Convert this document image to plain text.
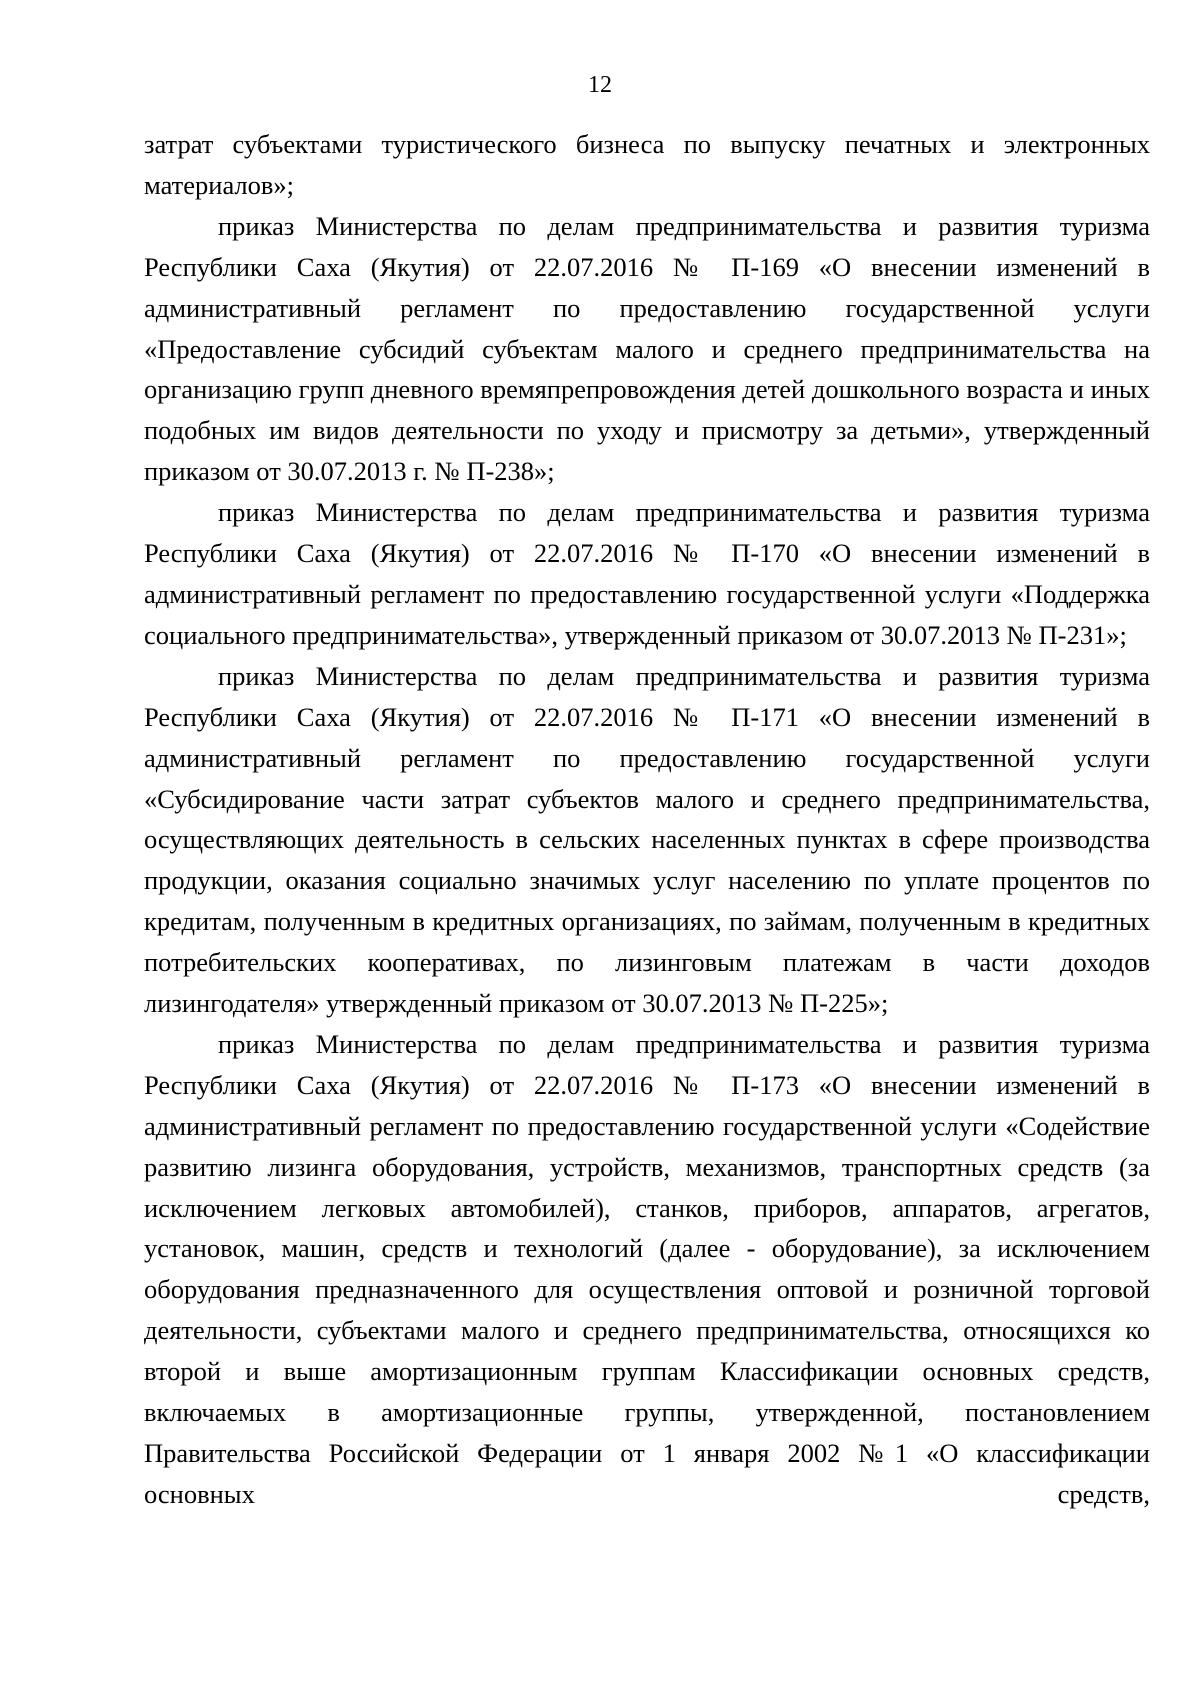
12

затрат субъектами туристического бизнеса по выпуску печатных и электронных материалов»;

приказ Министерства по делам предпринимательства и развития туризма Республики Саха (Якутия) от 22.07.2016 № П-169 «О внесении изменений в административный регламент по предоставлению государственной услуги «Предоставление субсидий субъектам малого и среднего предпринимательства на организацию групп дневного времяпрепровождения детей дошкольного возраста и иных подобных им видов деятельности по уходу и присмотру за детьми», утвержденный приказом от 30.07.2013 г. № П-238»;

приказ Министерства по делам предпринимательства и развития туризма Республики Саха (Якутия) от 22.07.2016 № П-170 «О внесении изменений в административный регламент по предоставлению государственной услуги «Поддержка социального предпринимательства», утвержденный приказом от 30.07.2013 № П-231»;

приказ Министерства по делам предпринимательства и развития туризма Республики Саха (Якутия) от 22.07.2016 № П-171 «О внесении изменений в административный регламент по предоставлению государственной услуги «Субсидирование части затрат субъектов малого и среднего предпринимательства, осуществляющих деятельность в сельских населенных пунктах в сфере производства продукции, оказания социально значимых услуг населению по уплате процентов по кредитам, полученным в кредитных организациях, по займам, полученным в кредитных потребительских кооперативах, по лизинговым платежам в части доходов лизингодателя» утвержденный приказом от 30.07.2013 № П-225»;

приказ Министерства по делам предпринимательства и развития туризма Республики Саха (Якутия) от 22.07.2016 № П-173 «О внесении изменений в административный регламент по предоставлению государственной услуги «Содействие развитию лизинга оборудования, устройств, механизмов, транспортных средств (за исключением легковых автомобилей), станков, приборов, аппаратов, агрегатов, установок, машин, средств и технологий (далее - оборудование), за исключением оборудования предназначенного для осуществления оптовой и розничной торговой деятельности, субъектами малого и среднего предпринимательства, относящихся ко второй и выше амортизационным группам Классификации основных средств, включаемых в амортизационные группы, утвержденной, постановлением Правительства Российской Федерации от 1 января 2002 №1 «О классификации основных средств,
